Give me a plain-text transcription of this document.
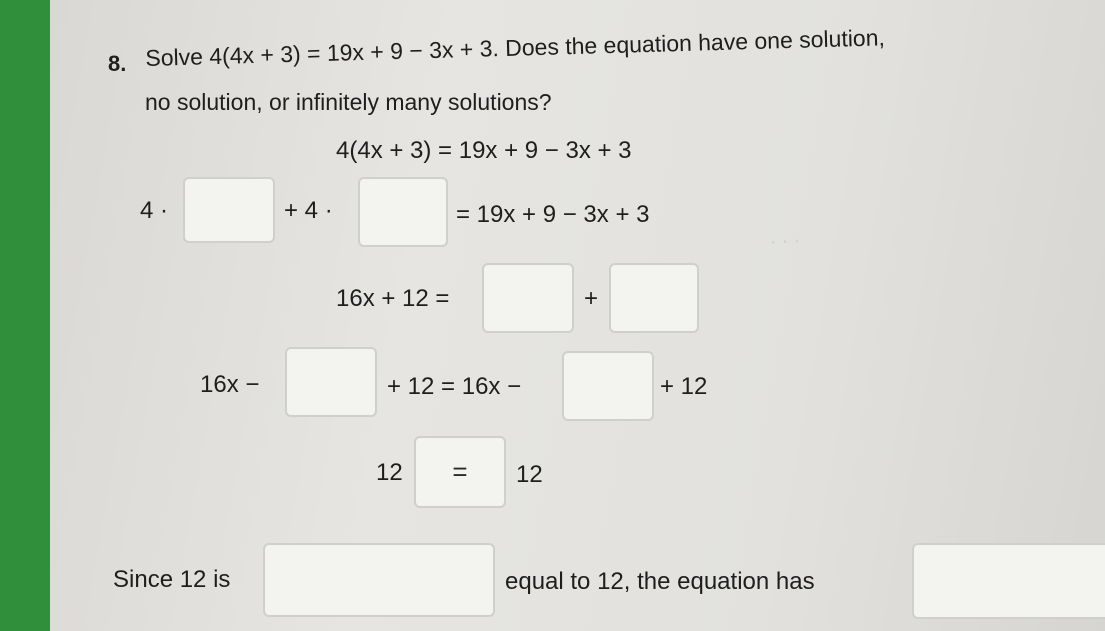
‧ ‧ ‧
8. Solve 4(4x + 3) = 19x + 9 − 3x + 3. Does the equation have one solution,
no solution, or infinitely many solutions?
4(4x + 3) = 19x + 9 − 3x + 3
4 ·	+ 4 ·	= 19x + 9 − 3x + 3
16x + 12 =	+
16x −	+ 12 = 16x −	+ 12
12	=	12
Since 12 is	equal to 12, the equation has
